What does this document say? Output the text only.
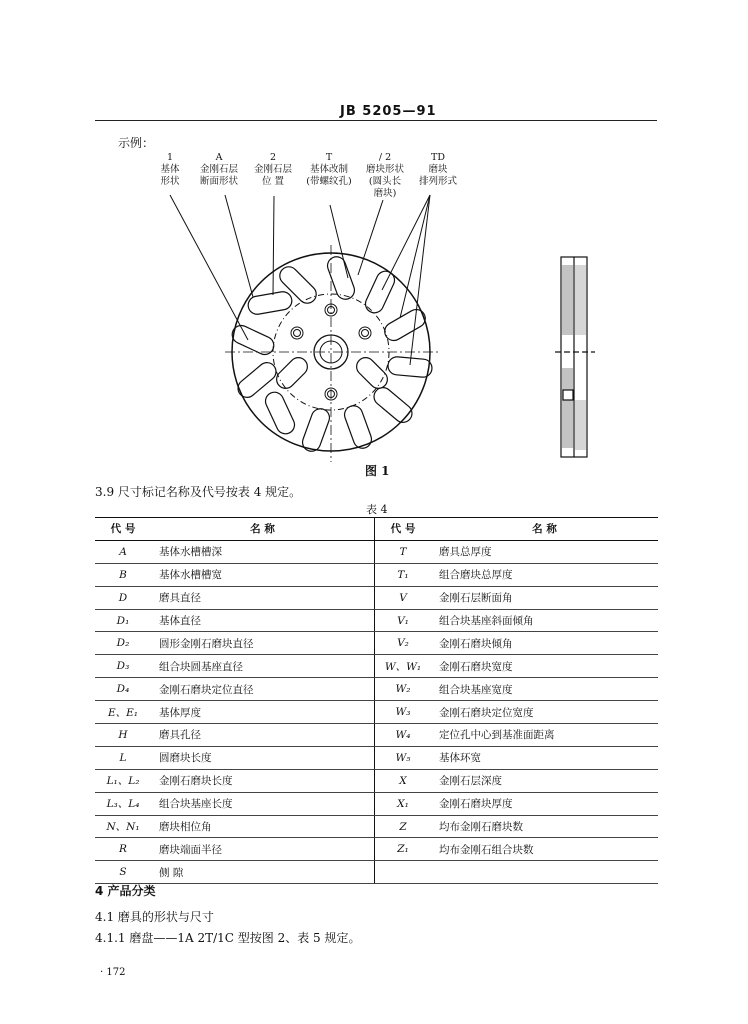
JB 5205—91
示例：
1
基体
形状
A
金刚石层
断面形状
2
金刚石层
位 置
T
基体改制
(带螺纹孔)
/ 2
磨块形状
(圆头长
磨块)
TD
磨块
排列形式
图 1
3.9 尺寸标记名称及代号按表 4 规定。
表 4
代 号	名 称	代 号	名 称
A	基体水槽槽深	T	磨具总厚度
B	基体水槽槽宽	T₁	组合磨块总厚度
D	磨具直径	V	金刚石层断面角
D₁	基体直径	V₁	组合块基座斜面倾角
D₂	圆形金刚石磨块直径	V₂	金刚石磨块倾角
D₃	组合块圆基座直径	W、W₁	金刚石磨块宽度
D₄	金刚石磨块定位直径	W₂	组合块基座宽度
E、E₁	基体厚度	W₃	金刚石磨块定位宽度
H	磨具孔径	W₄	定位孔中心到基准面距离
L	圆磨块长度	W₅	基体环宽
L₁、L₂	金刚石磨块长度	X	金刚石层深度
L₃、L₄	组合块基座长度	X₁	金刚石磨块厚度
N、N₁	磨块相位角	Z	均布金刚石磨块数
R	磨块端面半径	Z₁	均布金刚石组合块数
S	侧 隙		
4 产品分类
4.1 磨具的形状与尺寸
4.1.1 磨盘——1A 2T/1C 型按图 2、表 5 规定。
· 172
